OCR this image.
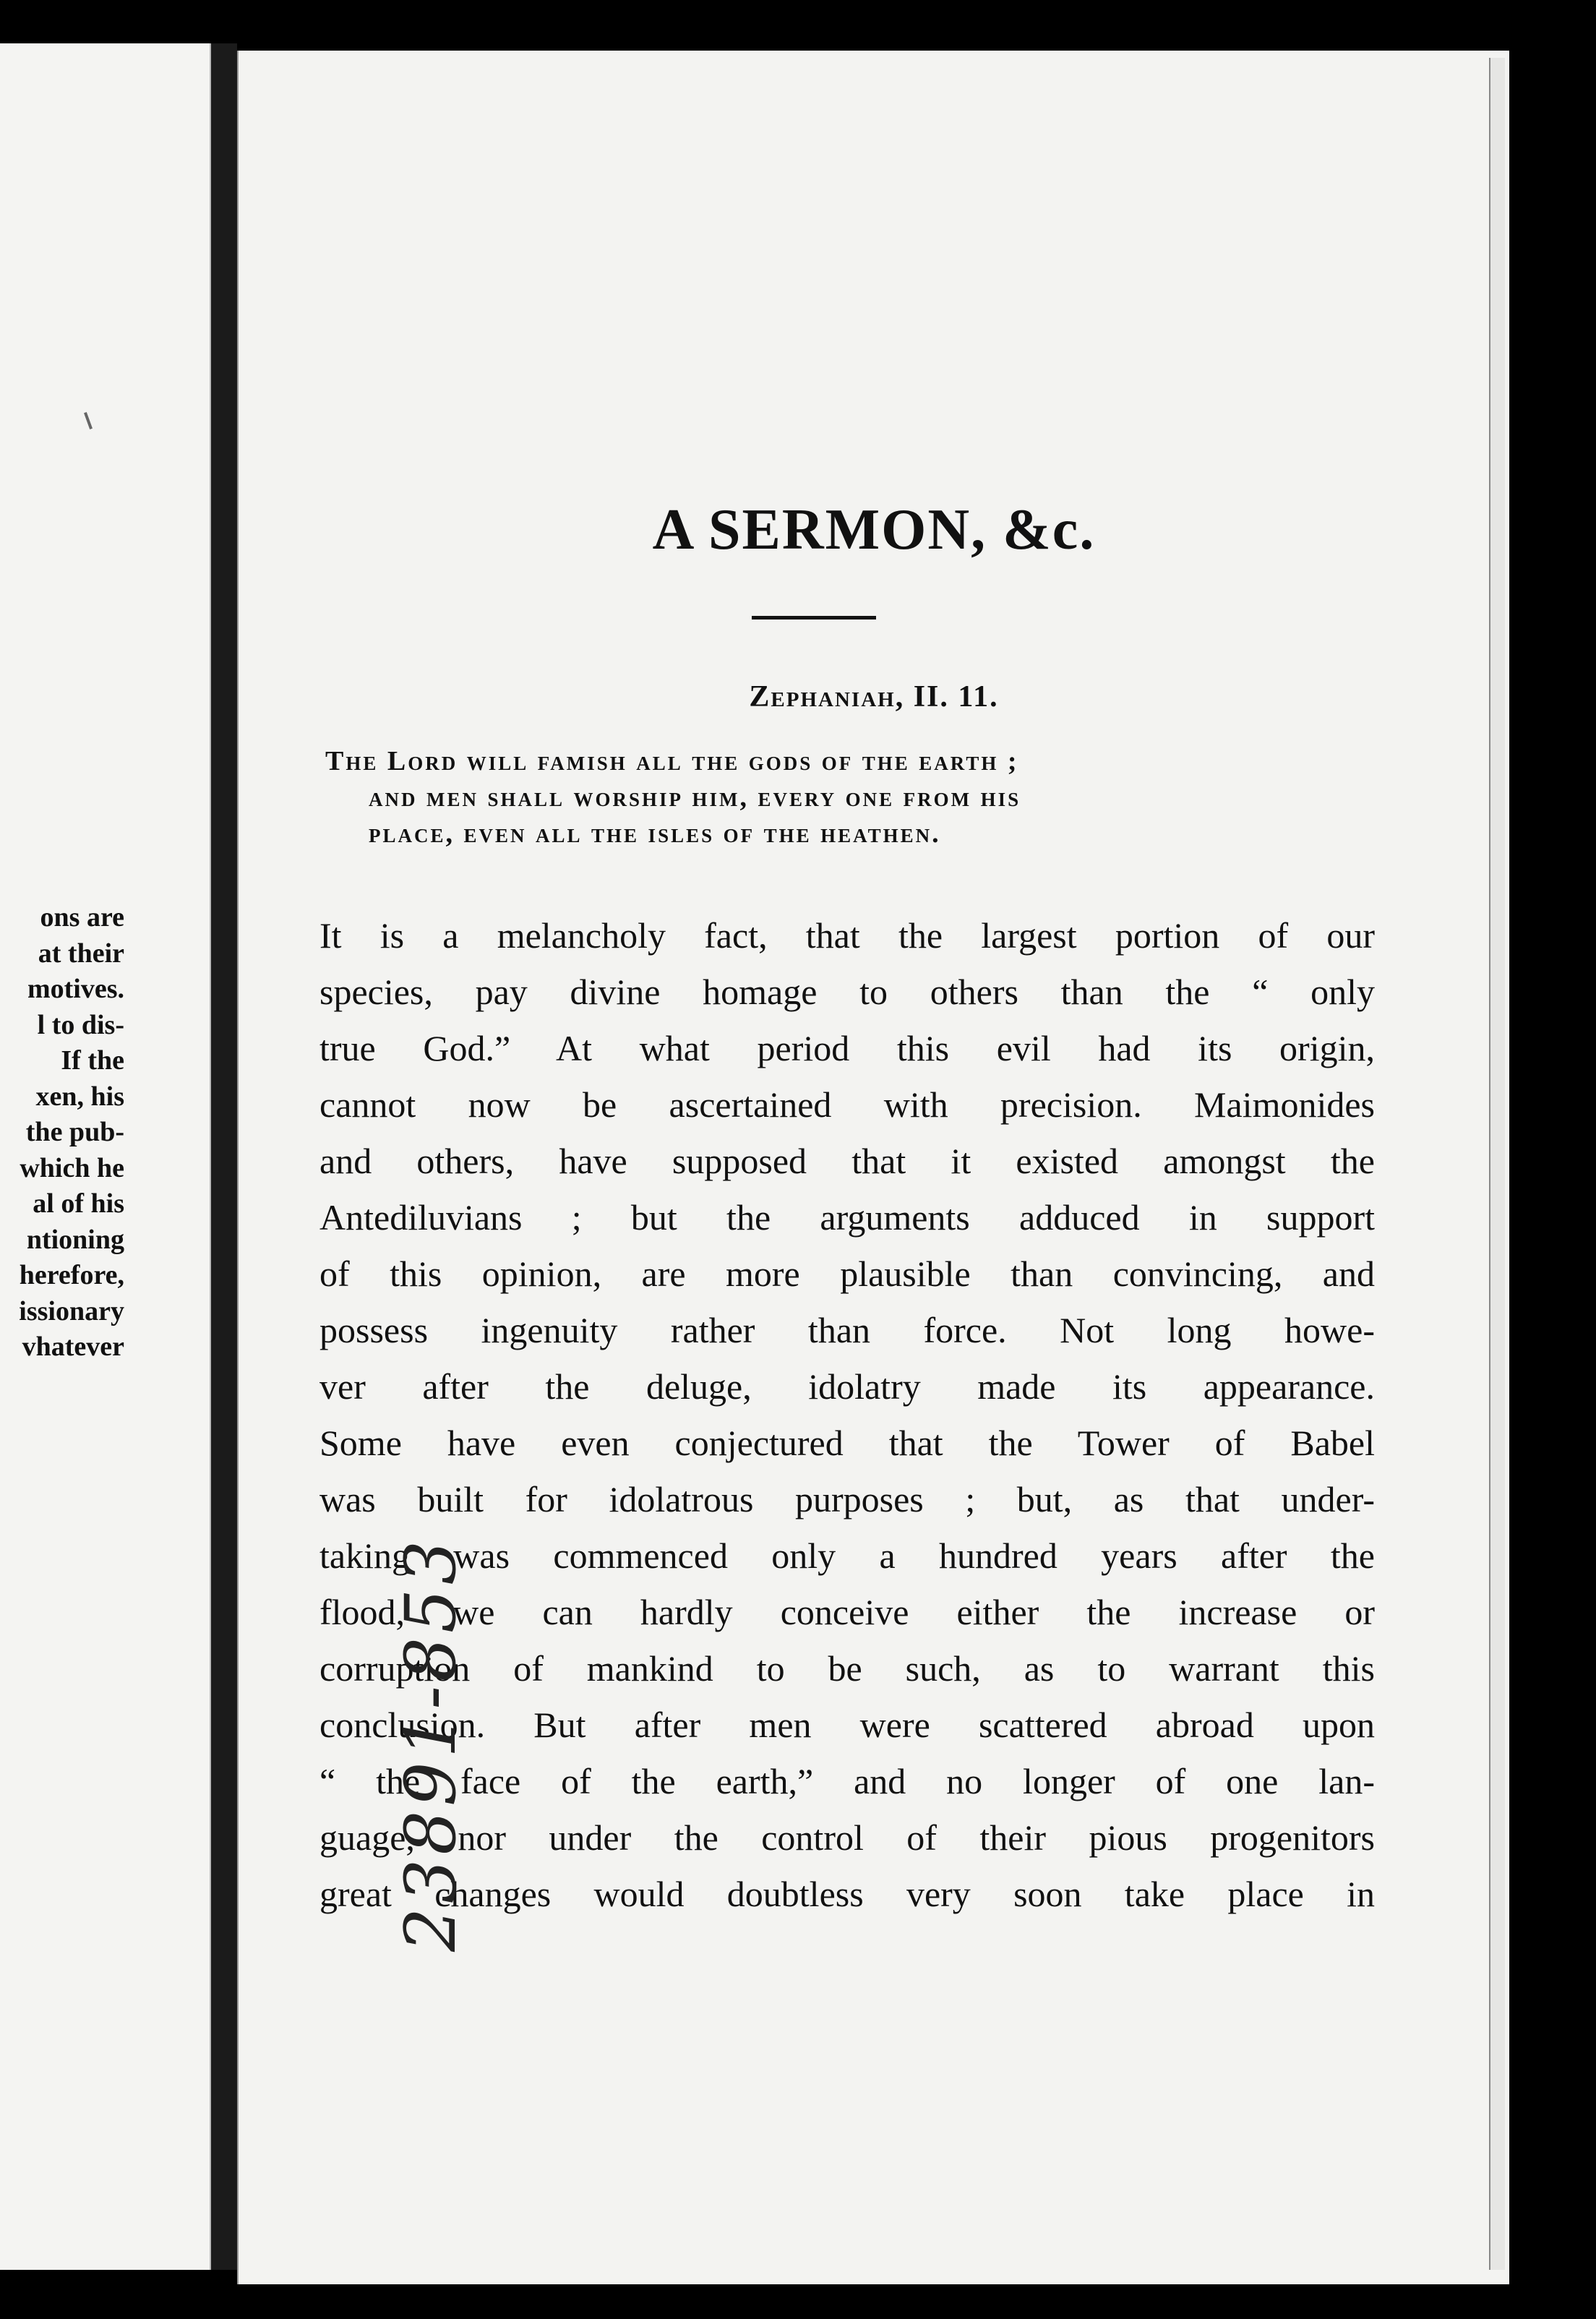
ons are
at their
motives.
l to dis-
If the
xen, his
the pub-
which he
al of his
ntioning
herefore,
issionary
vhatever
A SERMON, &c.
Zephaniah, II. 11.
The Lord will famish all the gods of the earth ;
and men shall worship him, every one from his
place, even all the isles of the heathen.
It is a melancholy fact, that the largest portion of our
species, pay divine homage to others than the “ only
true God.” At what period this evil had its origin,
cannot now be ascertained with precision. Maimonides
and others, have supposed that it existed amongst the
Antediluvians ; but the arguments adduced in support
of this opinion, are more plausible than convincing, and
possess ingenuity rather than force. Not long howe-
ver after the deluge, idolatry made its appearance.
Some have even conjectured that the Tower of Babel
was built for idolatrous purposes ; but, as that under-
taking was commenced only a hundred years after the
flood, we can hardly conceive either the increase or
corruption of mankind to be such, as to warrant this
conclusion. But after men were scattered abroad upon
“ the face of the earth,” and no longer of one lan-
guage, nor under the control of their pious progenitors
great changes would doubtless very soon take place in
23891-853
